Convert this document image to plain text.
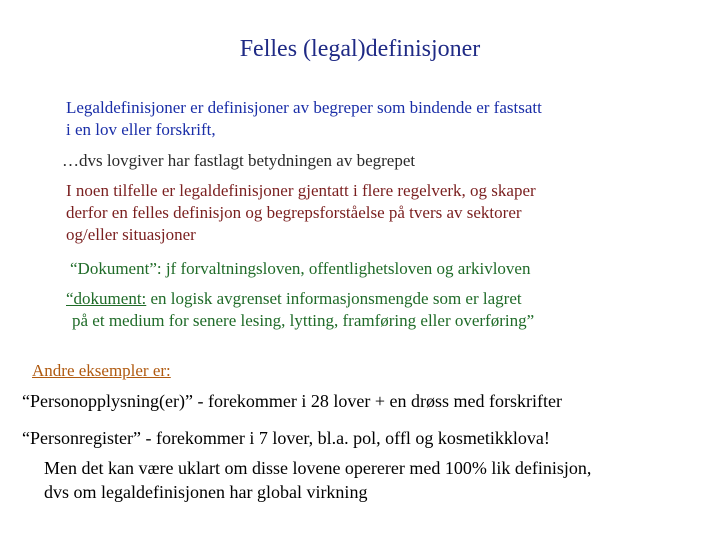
Felles (legal)definisjoner
Legaldefinisjoner er definisjoner av begreper som bindende er fastsatt
i en lov eller forskrift,
…dvs lovgiver har fastlagt betydningen av begrepet
I noen tilfelle er legaldefinisjoner gjentatt i flere regelverk, og skaper
derfor en felles definisjon og begrepsforståelse på tvers av sektorer
og/eller situasjoner
“Dokument”: jf forvaltningsloven, offentlighetsloven og arkivloven
“dokument: en logisk avgrenset informasjonsmengde som er lagret
på et medium for senere lesing, lytting, framføring eller overføring”
Andre eksempler er:
“Personopplysning(er)” - forekommer i 28 lover + en drøss med forskrifter
“Personregister” - forekommer i 7 lover, bl.a. pol, offl og kosmetikklova!
Men det kan være uklart om disse lovene opererer med 100% lik definisjon,
dvs om legaldefinisjonen har global virkning
